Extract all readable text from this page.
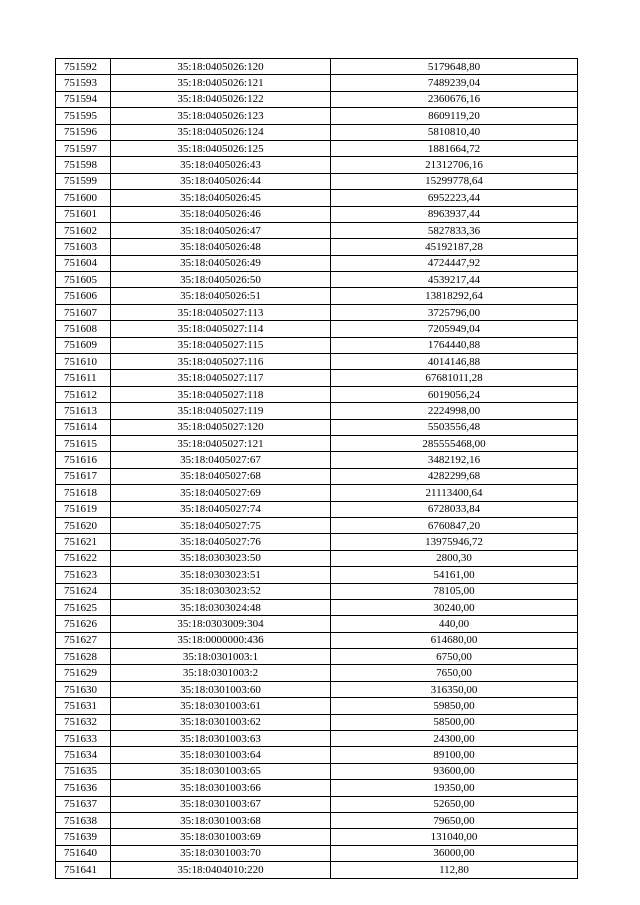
751592	35:18:0405026:120	5179648,80
751593	35:18:0405026:121	7489239,04
751594	35:18:0405026:122	2360676,16
751595	35:18:0405026:123	8609119,20
751596	35:18:0405026:124	5810810,40
751597	35:18:0405026:125	1881664,72
751598	35:18:0405026:43	21312706,16
751599	35:18:0405026:44	15299778,64
751600	35:18:0405026:45	6952223,44
751601	35:18:0405026:46	8963937,44
751602	35:18:0405026:47	5827833,36
751603	35:18:0405026:48	45192187,28
751604	35:18:0405026:49	4724447,92
751605	35:18:0405026:50	4539217,44
751606	35:18:0405026:51	13818292,64
751607	35:18:0405027:113	3725796,00
751608	35:18:0405027:114	7205949,04
751609	35:18:0405027:115	1764440,88
751610	35:18:0405027:116	4014146,88
751611	35:18:0405027:117	67681011,28
751612	35:18:0405027:118	6019056,24
751613	35:18:0405027:119	2224998,00
751614	35:18:0405027:120	5503556,48
751615	35:18:0405027:121	285555468,00
751616	35:18:0405027:67	3482192,16
751617	35:18:0405027:68	4282299,68
751618	35:18:0405027:69	21113400,64
751619	35:18:0405027:74	6728033,84
751620	35:18:0405027:75	6760847,20
751621	35:18:0405027:76	13975946,72
751622	35:18:0303023:50	2800,30
751623	35:18:0303023:51	54161,00
751624	35:18:0303023:52	78105,00
751625	35:18:0303024:48	30240,00
751626	35:18:0303009:304	440,00
751627	35:18:0000000:436	614680,00
751628	35:18:0301003:1	6750,00
751629	35:18:0301003:2	7650,00
751630	35:18:0301003:60	316350,00
751631	35:18:0301003:61	59850,00
751632	35:18:0301003:62	58500,00
751633	35:18:0301003:63	24300,00
751634	35:18:0301003:64	89100,00
751635	35:18:0301003:65	93600,00
751636	35:18:0301003:66	19350,00
751637	35:18:0301003:67	52650,00
751638	35:18:0301003:68	79650,00
751639	35:18:0301003:69	131040,00
751640	35:18:0301003:70	36000,00
751641	35:18:0404010:220	112,80
